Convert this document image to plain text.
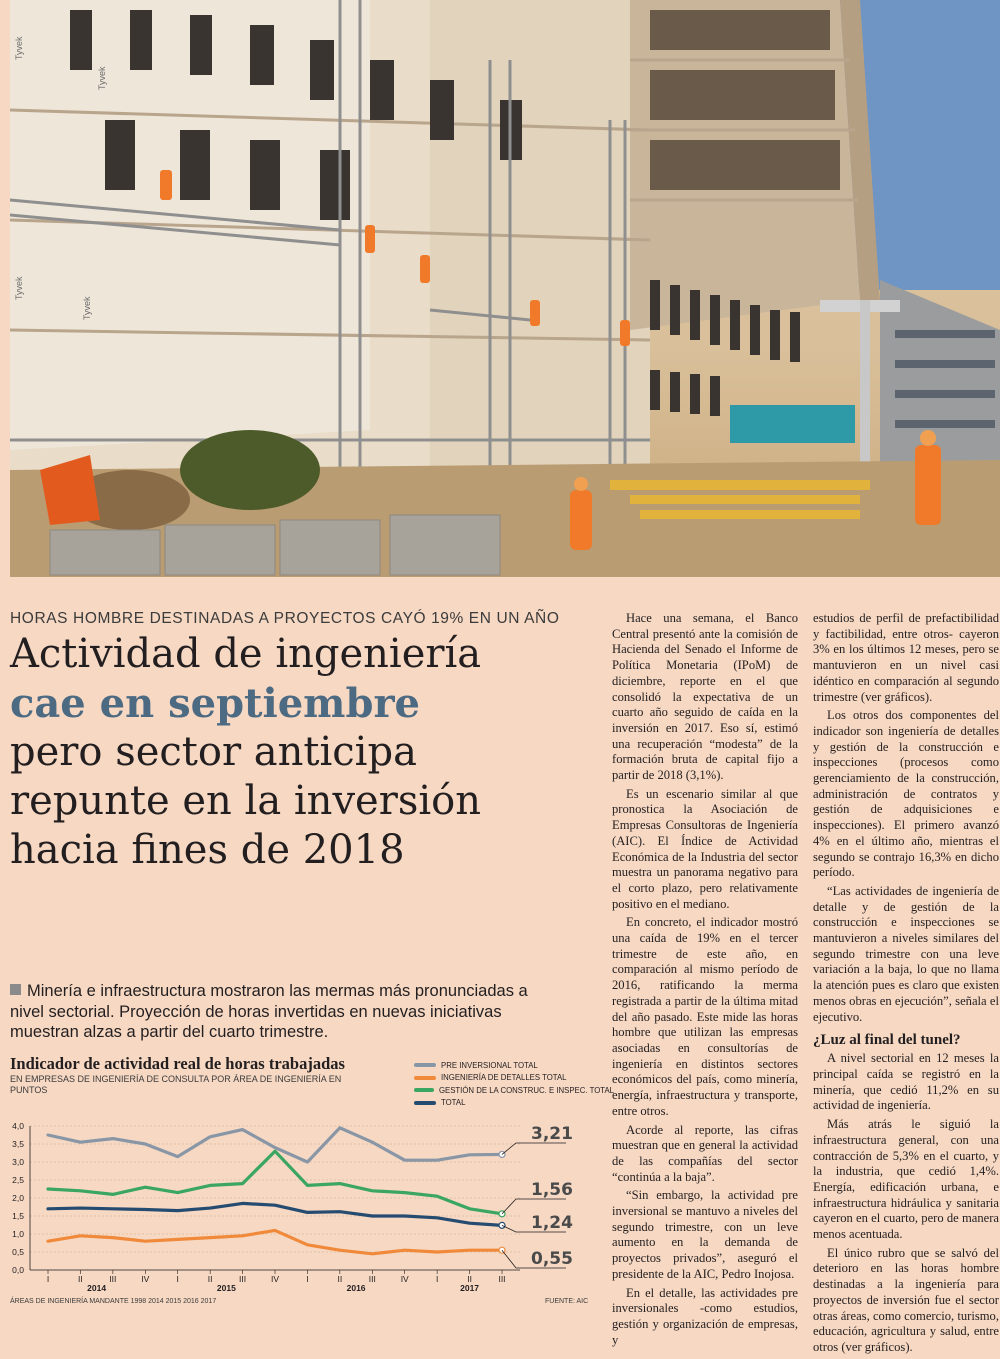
Tyvek
Tyvek
Tyvek
Tyvek
HORAS HOMBRE DESTINADAS A PROYECTOS CAYÓ 19% EN UN AÑO
Actividad de ingeniería
cae en septiembre
pero sector anticipa
repunte en la inversión
hacia fines de 2018
Minería e infraestructura mostraron las mermas más pronunciadas a nivel sectorial. Proyección de horas invertidas en nuevas iniciativas muestran alzas a partir del cuarto trimestre.
Indicador de actividad real de horas trabajadas
EN EMPRESAS DE INGENIERÍA DE CONSULTA POR ÁREA DE INGENIERÍA EN PUNTOS
PRE INVERSIONAL TOTAL
INGENIERÍA DE DETALLES TOTAL
GESTIÓN DE LA CONSTRUC. E INSPEC. TOTAL
TOTAL
0,0
0,5
1,0
1,5
2,0
2,5
3,0
3,5
4,0
I	II	III	IV	I	II	III	IV	I	II	III	IV	I	II	III
2014	2015	2016	2017
3,21
0,55
1,56
1,24
ÁREAS DE INGENIERÍA MANDANTE 1998 2014 2015 2016 2017	FUENTE: AIC

Hace una semana, el Banco Central presentó ante la comisión de Hacienda del Senado el Informe de Política Monetaria (IPoM) de diciembre, reporte en el que consolidó la expectativa de un cuarto año seguido de caída en la inversión en 2017. Eso sí, estimó una recuperación “modesta” de la formación bruta de capital fijo a partir de 2018 (3,1%).

Es un escenario similar al que pronostica la Asociación de Empresas Consultoras de Ingeniería (AIC). El Índice de Actividad Económica de la Industria del sector muestra un panorama negativo para el corto plazo, pero relativamente positivo en el mediano.

En concreto, el indicador mostró una caída de 19% en el tercer trimestre de este año, en comparación al mismo período de 2016, ratificando la merma registrada a partir de la última mitad del año pasado. Este mide las horas hombre que utilizan las empresas asociadas en consultorías de ingeniería en distintos sectores económicos del país, como minería, energía, infraestructura y transporte, entre otros.

Acorde al reporte, las cifras muestran que en general la actividad de las compañías del sector “continúa a la baja”.

“Sin embargo, la actividad pre inversional se mantuvo a niveles del segundo trimestre, con un leve aumento en la demanda de proyectos privados”, aseguró el presidente de la AIC, Pedro Inojosa.

En el detalle, las actividades pre inversionales -como estudios, gestión y organización de empresas, y

estudios de perfil de prefactibilidad y factibilidad, entre otros- cayeron 3% en los últimos 12 meses, pero se mantuvieron en un nivel casi idéntico en comparación al segundo trimestre (ver gráficos).

Los otros dos componentes del indicador son ingeniería de detalles y gestión de la construcción e inspecciones (procesos como gerenciamiento de la construcción, administración de contratos y gestión de adquisiciones e inspecciones). El primero avanzó 4% en el último año, mientras el segundo se contrajo 16,3% en dicho período.

“Las actividades de ingeniería de detalle y de gestión de la construcción e inspecciones se mantuvieron a niveles similares del segundo trimestre con una leve variación a la baja, lo que no llama la atención pues es claro que existen menos obras en ejecución”, señala el ejecutivo.

¿Luz al final del tunel?

A nivel sectorial en 12 meses la principal caída se registró en la minería, que cedió 11,2% en su actividad de ingeniería.

Más atrás le siguió la infraestructura general, con una contracción de 5,3% en el cuarto, y la industria, que cedió 1,4%. Energía, edificación urbana, e infraestructura hidráulica y sanitaria cayeron en el cuarto, pero de manera menos acentuada.

El único rubro que se salvó del deterioro en las horas hombre destinadas a la ingeniería para proyectos de inversión fue el sector otras áreas, como comercio, turismo, educación, agricultura y salud, entre otros (ver gráficos).
